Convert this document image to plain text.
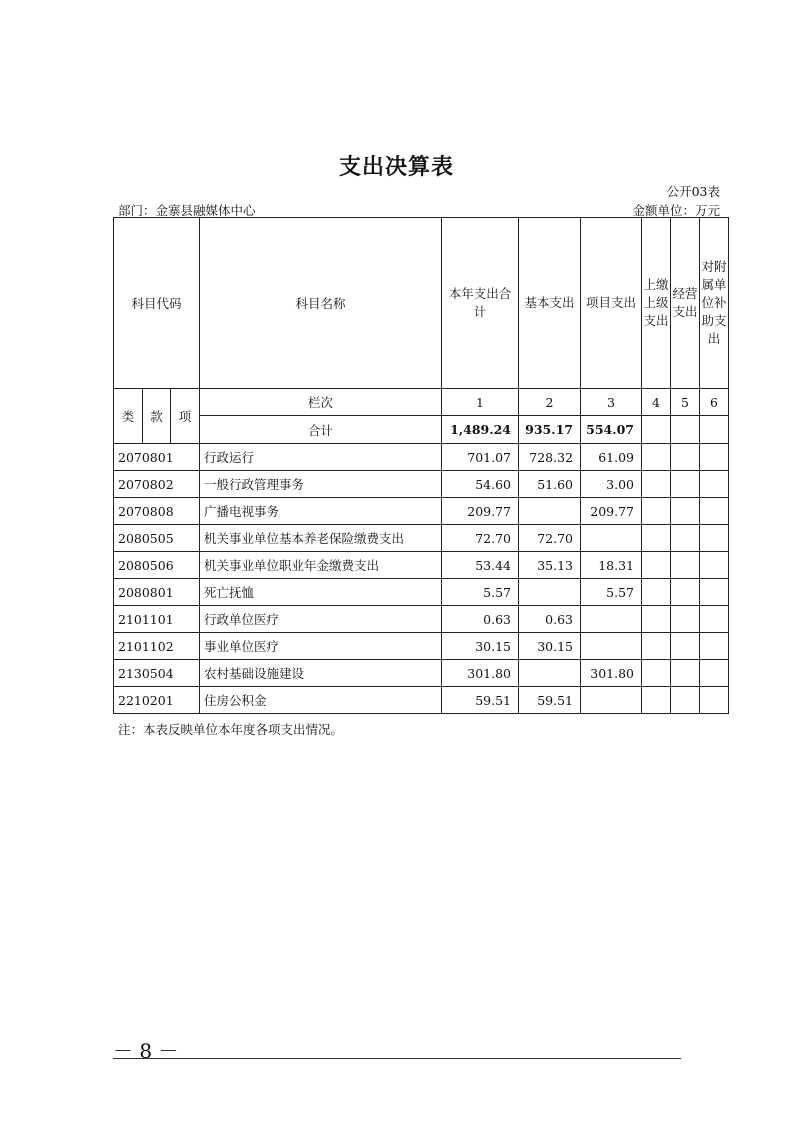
支出决算表
公开03表
部门：金寨县融媒体中心	金额单位：万元
科目代码			科目名称	本年支出合计	基本支出	项目支出	上缴上级支出	经营支出	对附属单位补助支出
类	款	项	栏次	1	2	3	4	5	6
			合计	1,489.24	935.17	554.07			
2070801			行政运行	701.07	728.32	61.09			
2070802			一般行政管理事务	54.60	51.60	3.00			
2070808			广播电视事务	209.77		209.77			
2080505			机关事业单位基本养老保险缴费支出	72.70	72.70				
2080506			机关事业单位职业年金缴费支出	53.44	35.13	18.31			
2080801			死亡抚恤	5.57		5.57			
2101101			行政单位医疗	0.63	0.63				
2101102			事业单位医疗	30.15	30.15				
2130504			农村基础设施建设	301.80		301.80			
2210201			住房公积金	59.51	59.51				
注：本表反映单位本年度各项支出情况。
－ 8 －
